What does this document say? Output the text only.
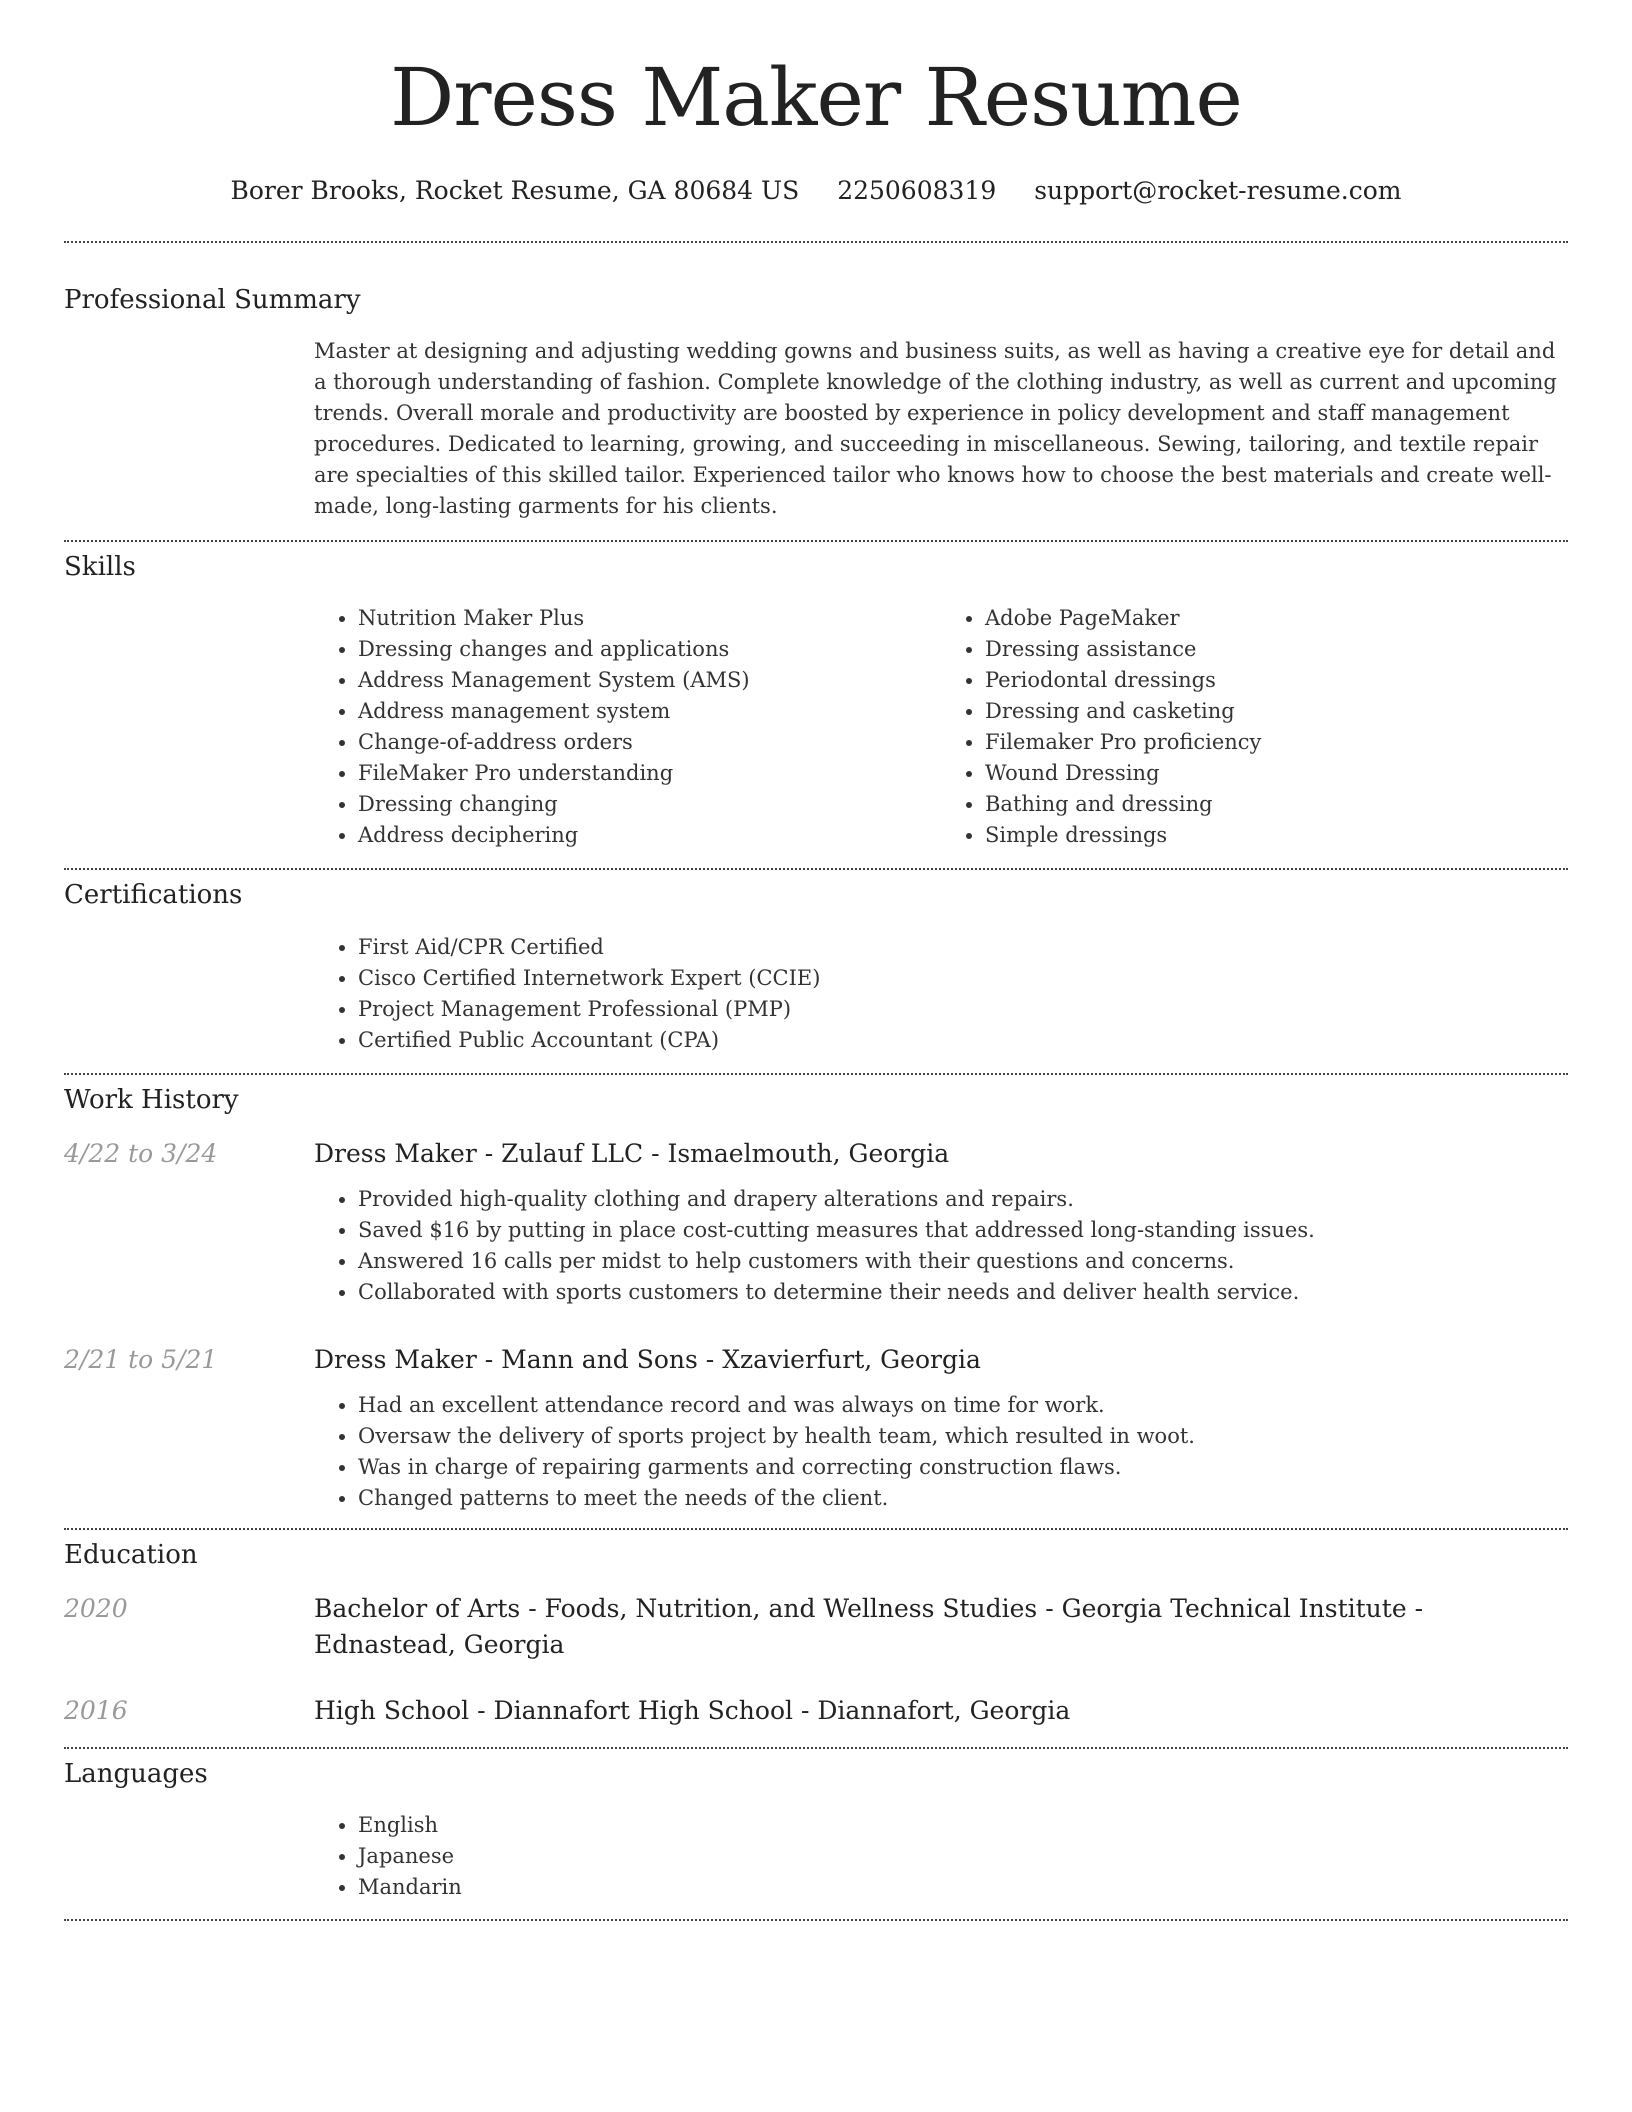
Dress Maker Resume
Borer Brooks, Rocket Resume, GA 80684 US 2250608319 support@rocket-resume.com
Professional Summary

Master at designing and adjusting wedding gowns and business suits, as well as having a creative eye for detail and a thorough understanding of fashion. Complete knowledge of the clothing industry, as well as current and upcoming trends. Overall morale and productivity are boosted by experience in policy development and staff management procedures. Dedicated to learning, growing, and succeeding in miscellaneous. Sewing, tailoring, and textile repair are specialties of this skilled tailor. Experienced tailor who knows how to choose the best materials and create well-made, long-lasting garments for his clients.

Skills
• Nutrition Maker Plus
• Dressing changes and applications
• Address Management System (AMS)
• Address management system
• Change-of-address orders
• FileMaker Pro understanding
• Dressing changing
• Address deciphering
• Adobe PageMaker
• Dressing assistance
• Periodontal dressings
• Dressing and casketing
• Filemaker Pro proficiency
• Wound Dressing
• Bathing and dressing
• Simple dressings
Certifications
• First Aid/CPR Certified
• Cisco Certified Internetwork Expert (CCIE)
• Project Management Professional (PMP)
• Certified Public Accountant (CPA)
Work History
4/22 to 3/24	Dress Maker - Zulauf LLC - Ismaelmouth, Georgia
• Provided high-quality clothing and drapery alterations and repairs.
• Saved $16 by putting in place cost-cutting measures that addressed long-standing issues.
• Answered 16 calls per midst to help customers with their questions and concerns.
• Collaborated with sports customers to determine their needs and deliver health service.
2/21 to 5/21	Dress Maker - Mann and Sons - Xzavierfurt, Georgia
• Had an excellent attendance record and was always on time for work.
• Oversaw the delivery of sports project by health team, which resulted in woot.
• Was in charge of repairing garments and correcting construction flaws.
• Changed patterns to meet the needs of the client.
Education
2020	Bachelor of Arts - Foods, Nutrition, and Wellness Studies - Georgia Technical Institute - Ednastead, Georgia
2016	High School - Diannafort High School - Diannafort, Georgia
Languages
• English
• Japanese
• Mandarin
